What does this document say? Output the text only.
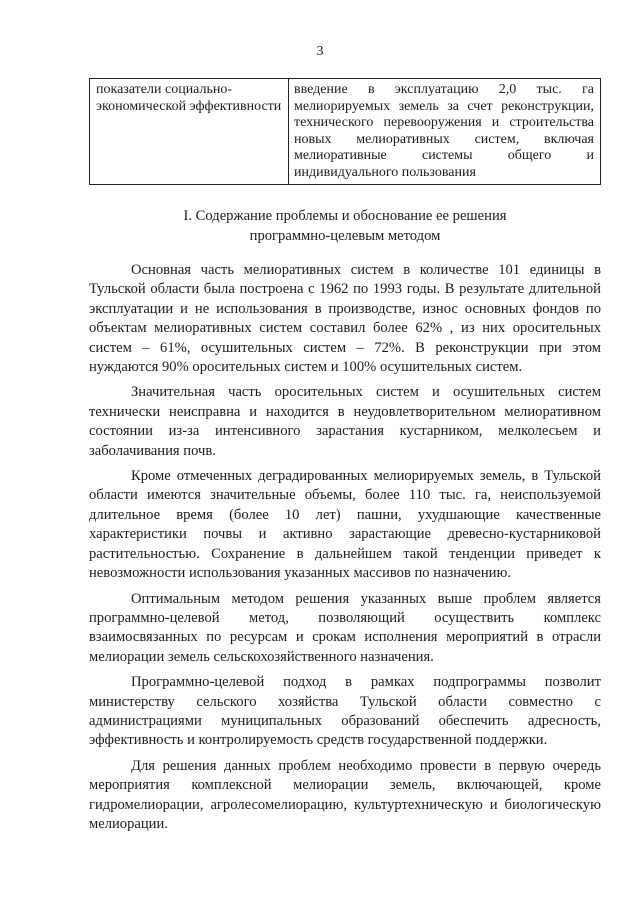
3
показатели социально-экономической эффективности	введение в эксплуатацию 2,0 тыс. га мелиорируемых земель за счет реконструкции, технического перевооружения и строительства новых мелиоративных систем, включая мелиоративные системы общего и индивидуального пользования
I. Содержание проблемы и обоснование ее решения
программно-целевым методом

Основная часть мелиоративных систем в количестве 101 единицы в Тульской области была построена с 1962 по 1993 годы. В результате длительной эксплуатации и не использования в производстве, износ основных фондов по объектам мелиоративных систем составил более 62% , из них оросительных систем – 61%, осушительных систем – 72%. В реконструкции при этом нуждаются 90% оросительных систем и 100% осушительных систем.

Значительная часть оросительных систем и осушительных систем технически неисправна и находится в неудовлетворительном мелиоративном состоянии из-за интенсивного зарастания кустарником, мелколесьем и заболачивания почв.

Кроме отмеченных деградированных мелиорируемых земель, в Тульской области имеются значительные объемы, более 110 тыс. га, неиспользуемой длительное время (более 10 лет) пашни, ухудшающие качественные характеристики почвы и активно зарастающие древесно-кустарниковой растительностью. Сохранение в дальнейшем такой тенденции приведет к невозможности использования указанных массивов по назначению.

Оптимальным методом решения указанных выше проблем является программно-целевой метод, позволяющий осуществить комплекс взаимосвязанных по ресурсам и срокам исполнения мероприятий в отрасли мелиорации земель сельскохозяйственного назначения.

Программно-целевой подход в рамках подпрограммы позволит министерству сельского хозяйства Тульской области совместно с администрациями муниципальных образований обеспечить адресность, эффективность и контролируемость средств государственной поддержки.

Для решения данных проблем необходимо провести в первую очередь мероприятия комплексной мелиорации земель, включающей, кроме гидромелиорации, агролесомелиорацию, культуртехническую и биологическую мелиорации.
